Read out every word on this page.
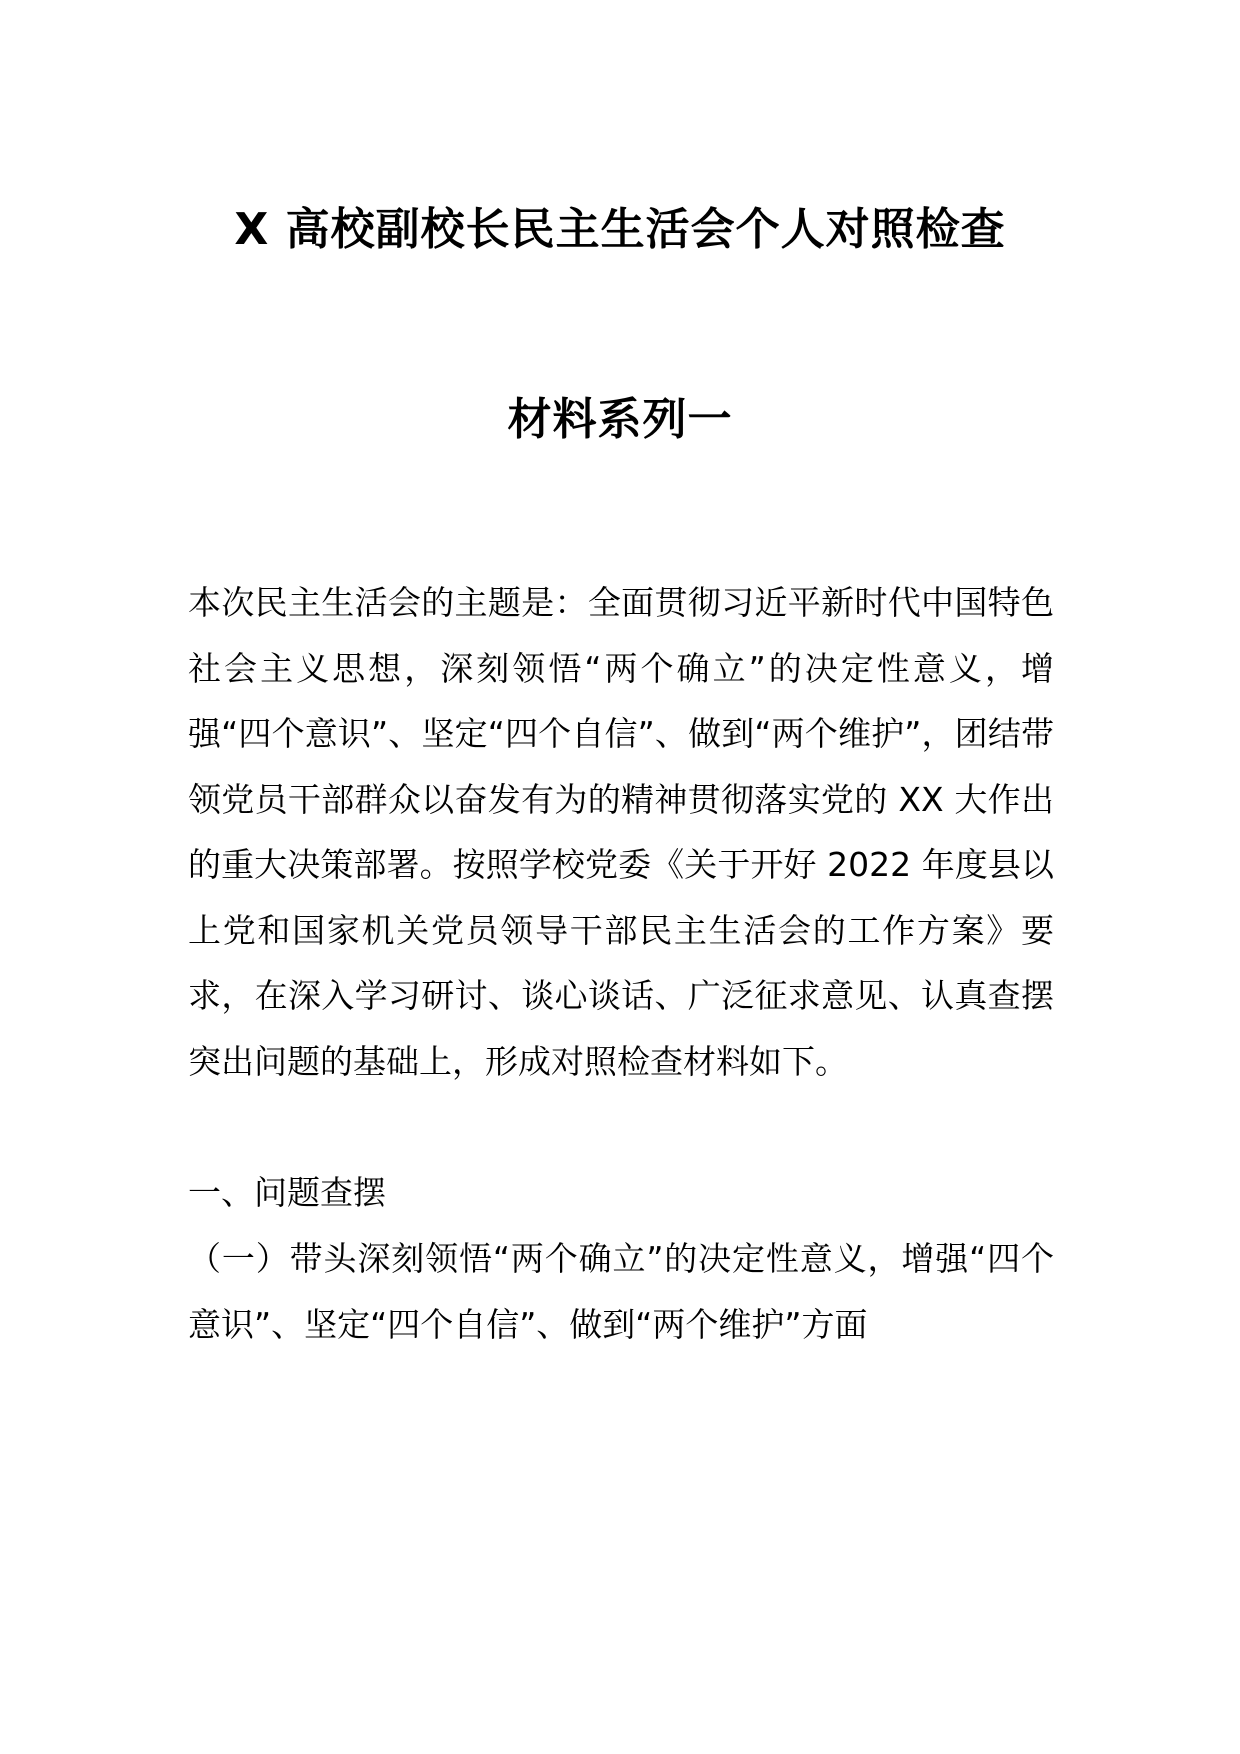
X 高校副校长民主生活会个人对照检查
材料系列一
本次民主生活会的主题是：全面贯彻习近平新时代中国特色社会主义思想，深刻领悟“两个确立”的决定性意义，增强“四个意识”、坚定“四个自信”、做到“两个维护”，团结带领党员干部群众以奋发有为的精神贯彻落实党的 XX 大作出的重大决策部署。按照学校党委《关于开好 2022 年度县以上党和国家机关党员领导干部民主生活会的工作方案》要求，在深入学习研讨、谈心谈话、广泛征求意见、认真查摆突出问题的基础上，形成对照检查材料如下。
一、问题查摆
（一）带头深刻领悟“两个确立”的决定性意义，增强“四个意识”、坚定“四个自信”、做到“两个维护”方面
